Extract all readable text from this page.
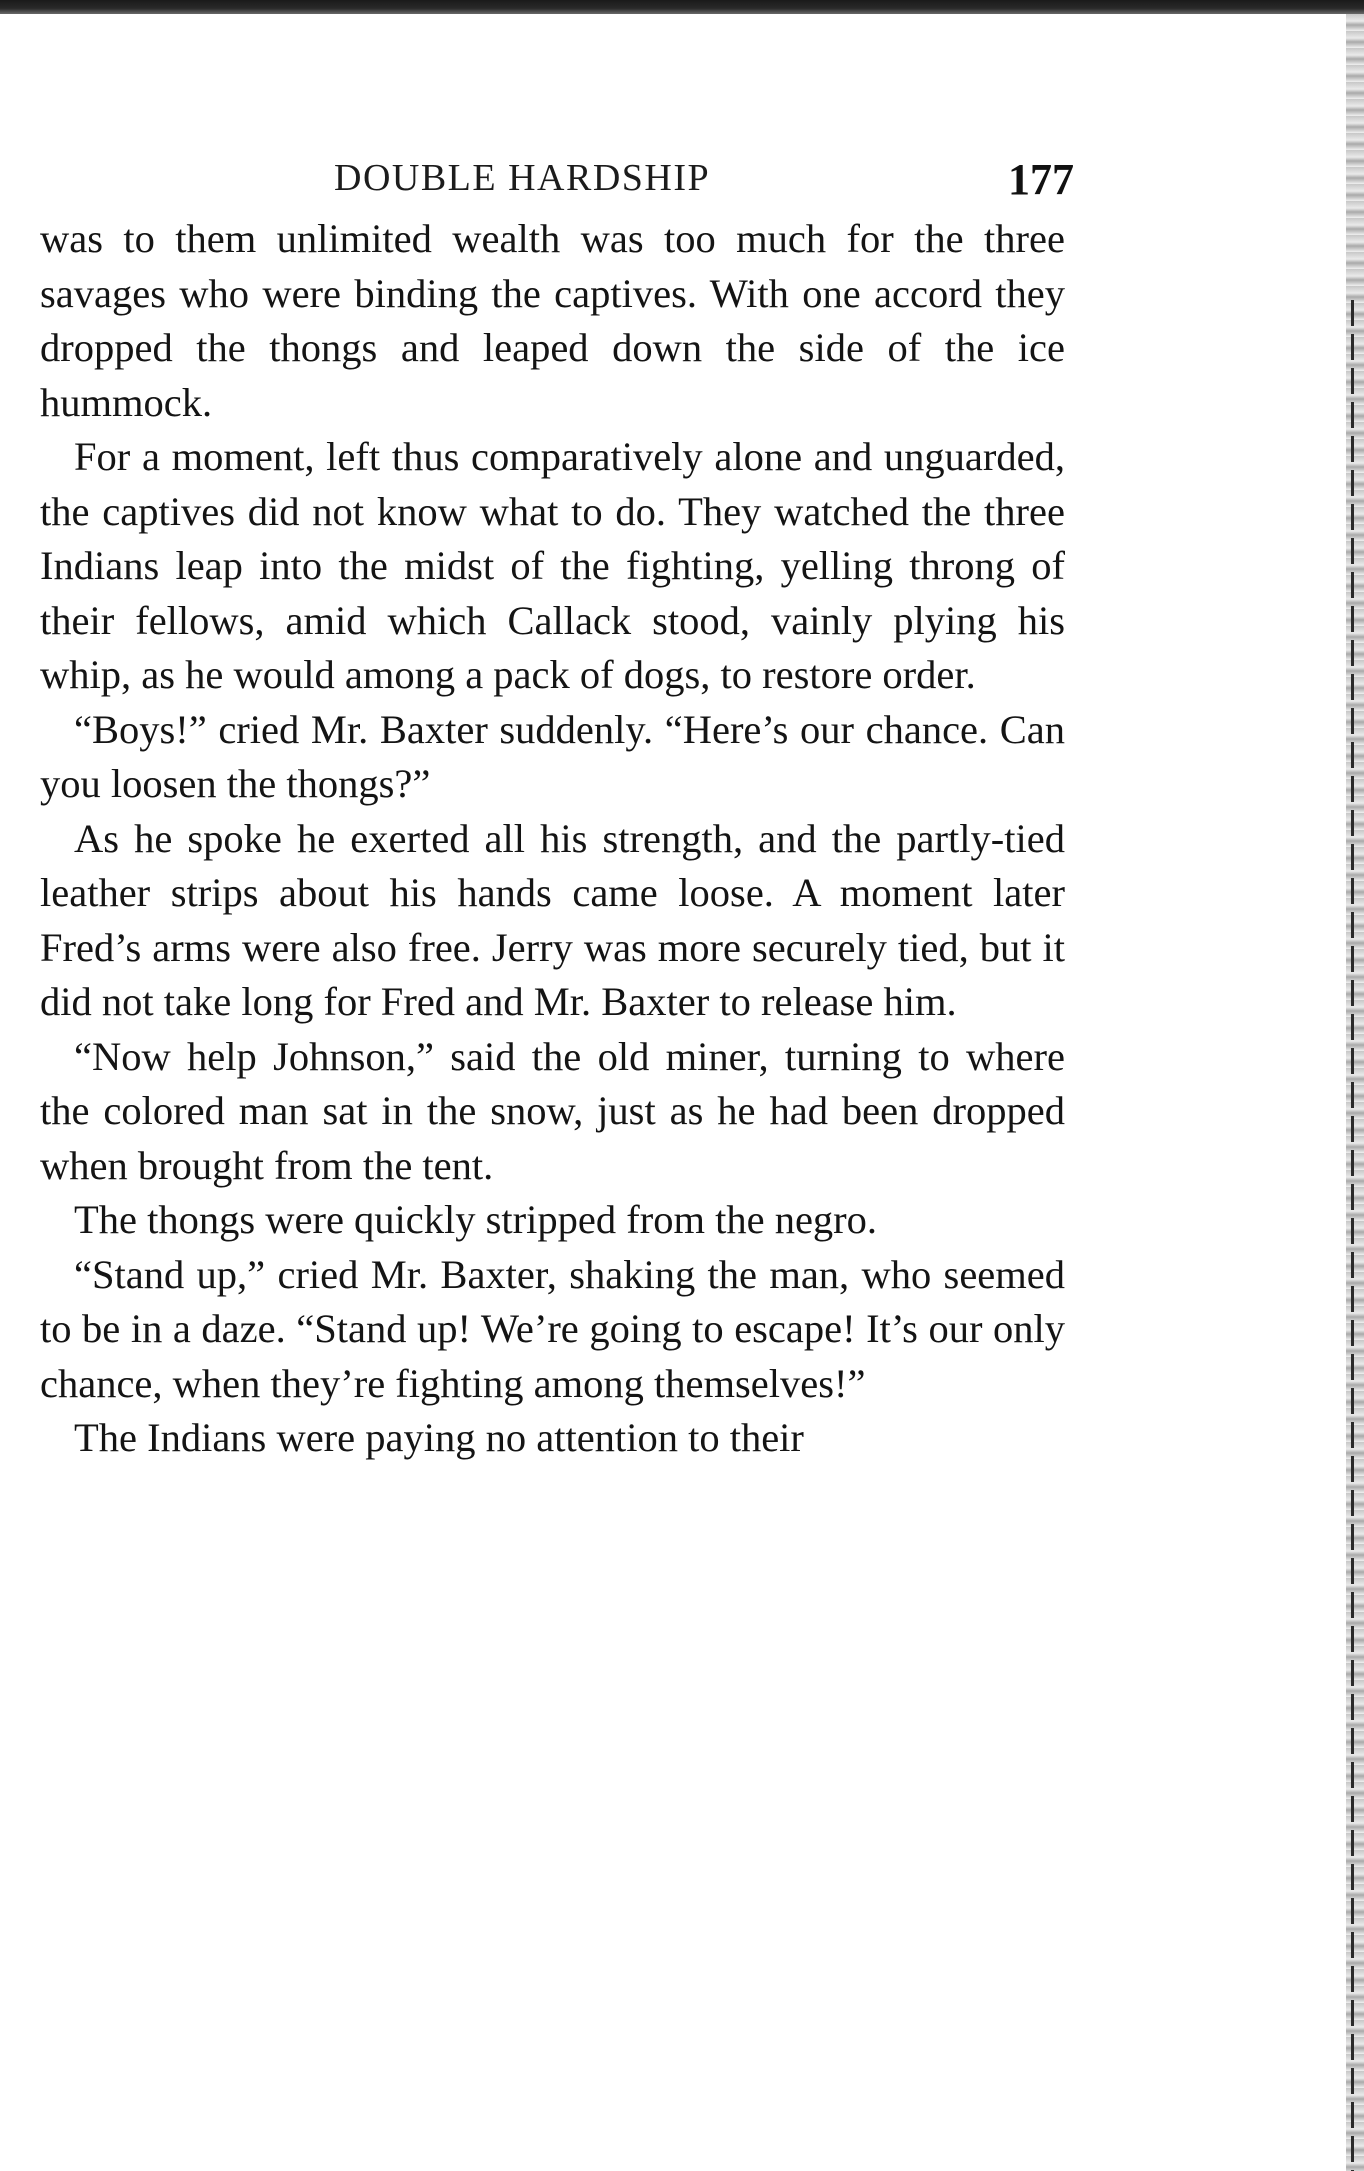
DOUBLE HARDSHIP	177

was to them unlimited wealth was too much for the three savages who were binding the captives. With one accord they dropped the thongs and leaped down the side of the ice hummock.

For a moment, left thus comparatively alone and unguarded, the captives did not know what to do. They watched the three Indians leap into the midst of the fighting, yelling throng of their fellows, amid which Callack stood, vainly plying his whip, as he would among a pack of dogs, to restore order.

“Boys!” cried Mr. Baxter suddenly. “Here’s our chance. Can you loosen the thongs?”

As he spoke he exerted all his strength, and the partly-tied leather strips about his hands came loose. A moment later Fred’s arms were also free. Jerry was more securely tied, but it did not take long for Fred and Mr. Baxter to release him.

“Now help Johnson,” said the old miner, turning to where the colored man sat in the snow, just as he had been dropped when brought from the tent.

The thongs were quickly stripped from the negro.

“Stand up,” cried Mr. Baxter, shaking the man, who seemed to be in a daze. “Stand up! We’re going to escape! It’s our only chance, when they’re fighting among themselves!”

The Indians were paying no attention to their
